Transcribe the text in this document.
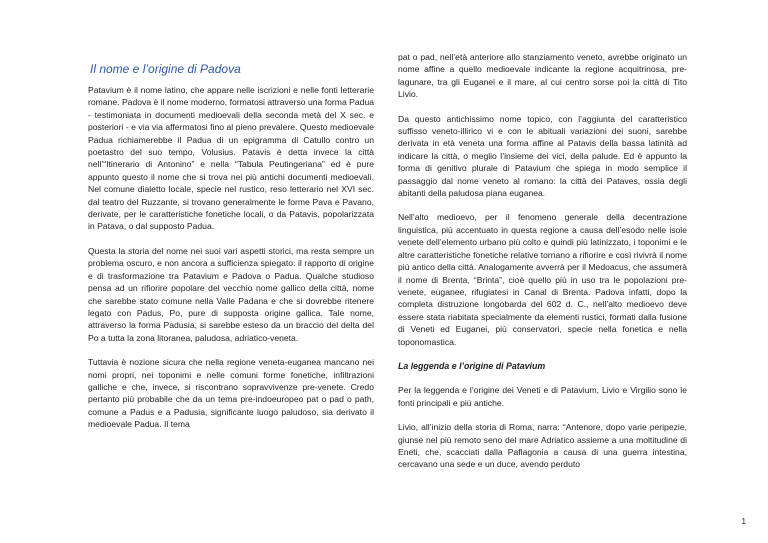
Il nome e l’origine di Padova

Patavium è il nome latino, che appare nelle iscrizioni e nelle fonti letterarie romane. Padova è il nome moderno, formatosi attraverso una forma Padua - testimoniata in documenti medioevali della seconda metà del X sec. e posteriori - e via via affermatosi fino al pieno prevalere. Questo medioevale Padua richiamerebbe il Padua di un epigramma di Catullo contro un poetastro del suo tempo, Volusius. Patavis è detta invece la città nell’“Itinerario di Antonino” e nella “Tabula Peutingeriana” ed è pure appunto questo il nome che si trova nei più antichi documenti medioevali. Nel comune dialetto locale, specie nel rustico, reso letterario nel XVI sec. dal teatro del Ruzzante, si trovano generalmente le forme Pava e Pavano, derivate, per le caratteristiche fonetiche locali, o da Patavis, popolarizzata in Patava, o dal supposto Padua.

Questa la storia del nome nei suoi vari aspetti storici, ma resta sempre un problema oscuro, e non ancora a sufficienza spiegato: il rapporto di origine e di trasformazione tra Patavium e Padova o Padua. Qualche studioso pensa ad un rifiorire popolare del vecchio nome gallico della città, nome che sarebbe stato comune nella Valle Padana e che si dovrebbe ritenere legato con Padus, Po, pure di supposta origine gallica. Tale nome, attraverso la forma Padusia, si sarebbe esteso da un braccio del delta del Po a tutta la zona litoranea, paludosa, adriatico-veneta.

Tuttavia è nozione sicura che nella regione veneta-euganea mancano nei nomi propri, nei toponimi e nelle comuni forme fonetiche, infiltrazioni galliche e che, invece, si riscontrano sopravvivenze pre-venete. Credo pertanto più probabile che da un tema pre-indoeuropeo pat o pad o path, comune a Padus e a Padusia, significante luogo paludoso, sia derivato il medioevale Padua. Il tema

pat o pad, nell’età anteriore allo stanziamento veneto, avrebbe originato un nome affine a quello medioevale indicante la regione acquitrinosa, pre-lagunare, tra gli Euganei e il mare, al cui centro sorse poi la città di Tito Livio.

Da questo antichissimo nome topico, con l’aggiunta del caratteristico suffisso veneto-illirico vi e con le abituali variazioni dei suoni, sarebbe derivata in età veneta una forma affine al Patavis della bassa latinità ad indicare la città, o meglio l’insieme dei vici, della palude. Ed è appunto la forma di genitivo plurale di Patavium che spiega in modo semplice il passaggio dal nome veneto al romano: la città dei Pataves, ossia degli abitanti della paludosa piana euganea.

Nell’alto medioevo, per il fenomeno generale della decentrazione linguistica, più accentuato in questa regione a causa dell’esodo nelle isole venete dell’elemento urbano più colto e quindi più latinizzato, i toponimi e le altre caratteristiche fonetiche relative tornano a rifiorire e così rivivrà il nome più antico della città. Analogamente avverrà per il Medoacus, che assumerà il nome di Brenta, “Brinta”, cioè quello più in uso tra le popolazioni pre-venete, euganee, rifugiatesi in Canal di Brenta. Padova infatti, dopo la completa distruzione longobarda del 602 d. C., nell’alto medioevo deve essere stata riabitata specialmente da elementi rustici, formati dalla fusione di Veneti ed Euganei, più conservatori, specie nella fonetica e nella toponomastica.

La leggenda e l’origine di Patavium

Per la leggenda e l’origine dei Veneti e di Patavium, Livio e Virgilio sono le fonti principali e più antiche.

Livio, all’inizio della storia di Roma, narra: “Antenore, dopo varie peripezie, giunse nel più remoto seno del mare Adriatico assieme a una moltitudine di Eneti, che, scacciati dalla Paflagonia a causa di una guerra intestina, cercavano una sede e un duce, avendo perduto

1
